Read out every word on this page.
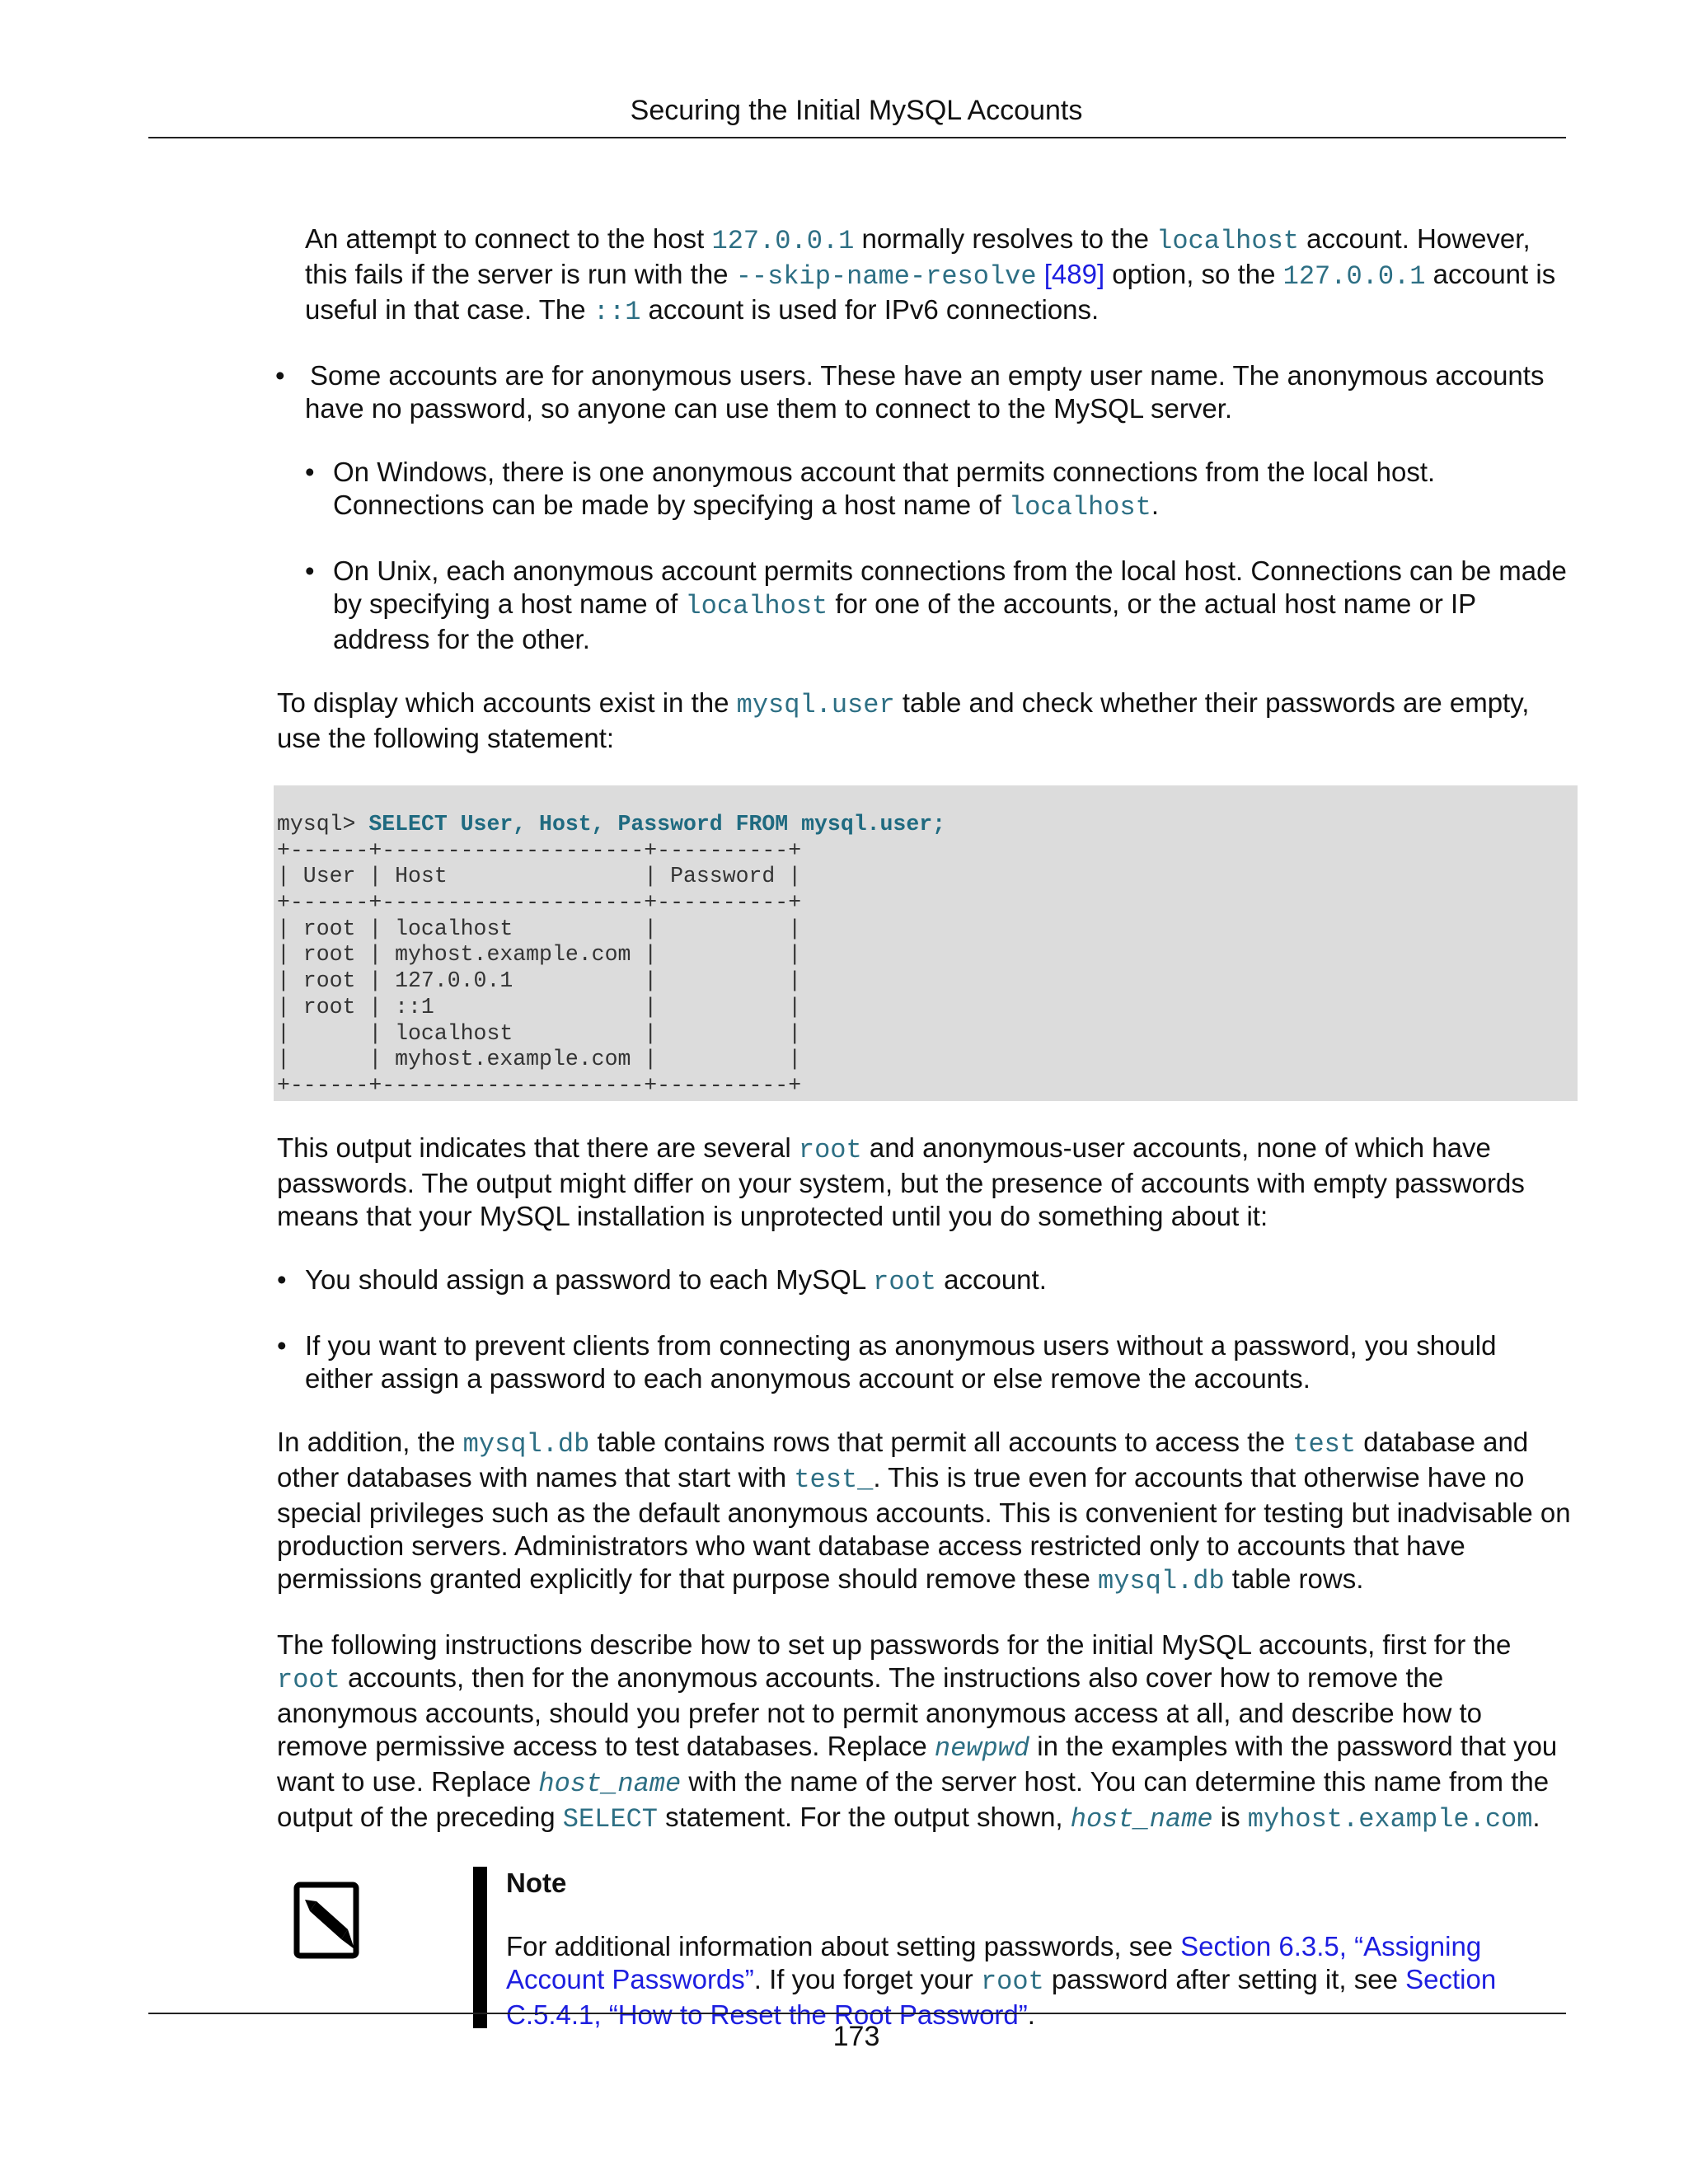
Securing the Initial MySQL Accounts

An attempt to connect to the host 127.0.0.1 normally resolves to the localhost account. However, this fails if the server is run with the --skip-name-resolve [489] option, so the 127.0.0.1 account is useful in that case. The ::1 account is used for IPv6 connections.

• Some accounts are for anonymous users. These have an empty user name. The anonymous accounts have no password, so anyone can use them to connect to the MySQL server.
• On Windows, there is one anonymous account that permits connections from the local host. Connections can be made by specifying a host name of localhost.
• On Unix, each anonymous account permits connections from the local host. Connections can be made by specifying a host name of localhost for one of the accounts, or the actual host name or IP address for the other.

To display which accounts exist in the mysql.user table and check whether their passwords are empty, use the following statement:

mysql> SELECT User, Host, Password FROM mysql.user;
+------+--------------------+----------+
| User | Host               | Password |
+------+--------------------+----------+
| root | localhost          |          |
| root | myhost.example.com |          |
| root | 127.0.0.1          |          |
| root | ::1                |          |
|      | localhost          |          |
|      | myhost.example.com |          |
+------+--------------------+----------+

This output indicates that there are several root and anonymous-user accounts, none of which have passwords. The output might differ on your system, but the presence of accounts with empty passwords means that your MySQL installation is unprotected until you do something about it:

• You should assign a password to each MySQL root account.
• If you want to prevent clients from connecting as anonymous users without a password, you should either assign a password to each anonymous account or else remove the accounts.

In addition, the mysql.db table contains rows that permit all accounts to access the test database and other databases with names that start with test_. This is true even for accounts that otherwise have no special privileges such as the default anonymous accounts. This is convenient for testing but inadvisable on production servers. Administrators who want database access restricted only to accounts that have permissions granted explicitly for that purpose should remove these mysql.db table rows.

The following instructions describe how to set up passwords for the initial MySQL accounts, first for the root accounts, then for the anonymous accounts. The instructions also cover how to remove the anonymous accounts, should you prefer not to permit anonymous access at all, and describe how to remove permissive access to test databases. Replace newpwd in the examples with the password that you want to use. Replace host_name with the name of the server host. You can determine this name from the output of the preceding SELECT statement. For the output shown, host_name is myhost.example.com.

Note
For additional information about setting passwords, see Section 6.3.5, “Assigning Account Passwords”. If you forget your root password after setting it, see Section C.5.4.1, “How to Reset the Root Password”.
173
